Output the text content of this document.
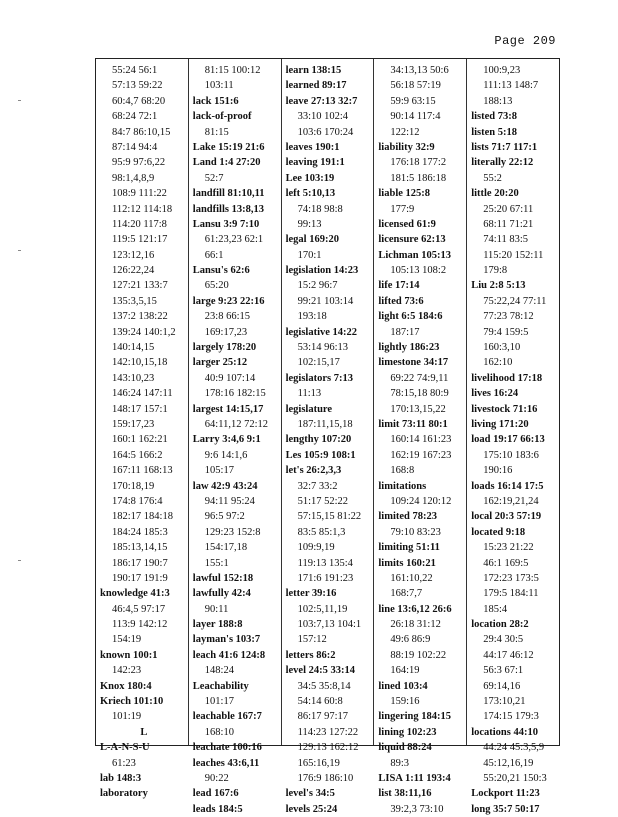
Page 209
55:24 56:1
57:13 59:22
60:4,7 68:20
68:24 72:1
84:7 86:10,15
87:14 94:4
95:9 97:6,22
98:1,4,8,9
108:9 111:22
112:12 114:18
114:20 117:8
119:5 121:17
123:12,16
126:22,24
127:21 133:7
135:3,5,15
137:2 138:22
139:24 140:1,2
140:14,15
142:10,15,18
143:10,23
146:24 147:11
148:17 157:1
159:17,23
160:1 162:21
164:5 166:2
167:11 168:13
170:18,19
174:8 176:4
182:17 184:18
184:24 185:3
185:13,14,15
186:17 190:7
190:17 191:9
knowledge 41:3
46:4,5 97:17
113:9 142:12
154:19
known 100:1
142:23
Knox 180:4
Kriech 101:10
101:19
L
L-A-N-S-U
61:23
lab 148:3
laboratory
81:15 100:12
103:11
lack 151:6
lack-of-proof
81:15
Lake 15:19 21:6
Land 1:4 27:20
52:7
landfill 81:10,11
landfills 13:8,13
Lansu 3:9 7:10
61:23,23 62:1
66:1
Lansu's 62:6
65:20
large 9:23 22:16
23:8 66:15
169:17,23
largely 178:20
larger 25:12
40:9 107:14
178:16 182:15
largest 14:15,17
64:11,12 72:12
Larry 3:4,6 9:1
9:6 14:1,6
105:17
law 42:9 43:24
94:11 95:24
96:5 97:2
129:23 152:8
154:17,18
155:1
lawful 152:18
lawfully 42:4
90:11
layer 188:8
layman's 103:7
leach 41:6 124:8
148:24
Leachability
101:17
leachable 167:7
168:10
leachate 100:16
leaches 43:6,11
90:22
lead 167:6
leads 184:5
learn 138:15
learned 89:17
leave 27:13 32:7
33:10 102:4
103:6 170:24
leaves 190:1
leaving 191:1
Lee 103:19
left 5:10,13
74:18 98:8
99:13
legal 169:20
170:1
legislation 14:23
15:2 96:7
99:21 103:14
193:18
legislative 14:22
53:14 96:13
102:15,17
legislators 7:13
11:13
legislature
187:11,15,18
lengthy 107:20
Les 105:9 108:1
let's 26:2,3,3
32:7 33:2
51:17 52:22
57:15,15 81:22
83:5 85:1,3
109:9,19
119:13 135:4
171:6 191:23
letter 39:16
102:5,11,19
103:7,13 104:1
157:12
letters 86:2
level 24:5 33:14
34:5 35:8,14
54:14 60:8
86:17 97:17
114:23 127:22
129:13 162:12
165:16,19
176:9 186:10
level's 34:5
levels 25:24
34:13,13 50:6
56:18 57:19
59:9 63:15
90:14 117:4
122:12
liability 32:9
176:18 177:2
181:5 186:18
liable 125:8
177:9
licensed 61:9
licensure 62:13
Lichman 105:13
105:13 108:2
life 17:14
lifted 73:6
light 6:5 184:6
187:17
lightly 186:23
limestone 34:17
69:22 74:9,11
78:15,18 80:9
170:13,15,22
limit 73:11 80:1
160:14 161:23
162:19 167:23
168:8
limitations
109:24 120:12
limited 78:23
79:10 83:23
limiting 51:11
limits 160:21
161:10,22
168:7,7
line 13:6,12 26:6
26:18 31:12
49:6 86:9
88:19 102:22
164:19
lined 103:4
159:16
lingering 184:15
lining 102:23
liquid 88:24
89:3
LISA 1:11 193:4
list 38:11,16
39:2,3 73:10
100:9,23
111:13 148:7
188:13
listed 73:8
listen 5:18
lists 71:7 117:1
literally 22:12
55:2
little 20:20
25:20 67:11
68:11 71:21
74:11 83:5
115:20 152:11
179:8
Liu 2:8 5:13
75:22,24 77:11
77:23 78:12
79:4 159:5
160:3,10
162:10
livelihood 17:18
lives 16:24
livestock 71:16
living 171:20
load 19:17 66:13
175:10 183:6
190:16
loads 16:14 17:5
162:19,21,24
local 20:3 57:19
located 9:18
15:23 21:22
46:1 169:5
172:23 173:5
179:5 184:11
185:4
location 28:2
29:4 30:5
44:17 46:12
56:3 67:1
69:14,16
173:10,21
174:15 179:3
locations 44:10
44:24 45:3,5,9
45:12,16,19
55:20,21 150:3
Lockport 11:23
long 35:7 50:17
